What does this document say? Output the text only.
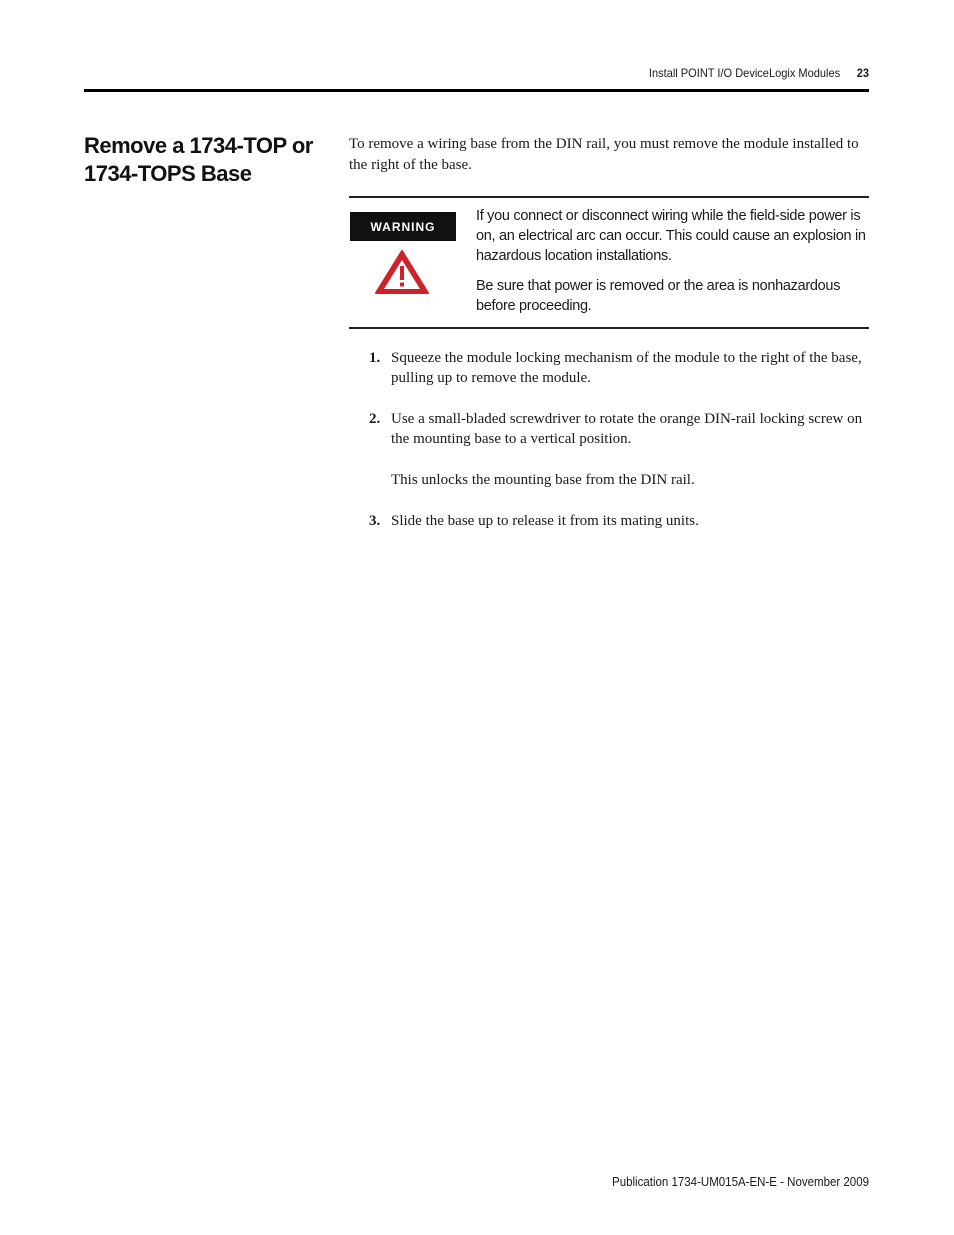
Install POINT I/O DeviceLogix Modules 23
Remove a 1734-TOP or
1734-TOPS Base

To remove a wiring base from the DIN rail, you must remove the module installed to the right of the base.

WARNING

If you connect or disconnect wiring while the field-side power is on, an electrical arc can occur. This could cause an explosion in hazardous location installations.

Be sure that power is removed or the area is nonhazardous before proceeding.

1. Squeeze the module locking mechanism of the module to the right of the base, pulling up to remove the module.
2. Use a small-bladed screwdriver to rotate the orange DIN-rail locking screw on the mounting base to a vertical position.
This unlocks the mounting base from the DIN rail.
3. Slide the base up to release it from its mating units.
Publication 1734-UM015A-EN-E - November 2009
